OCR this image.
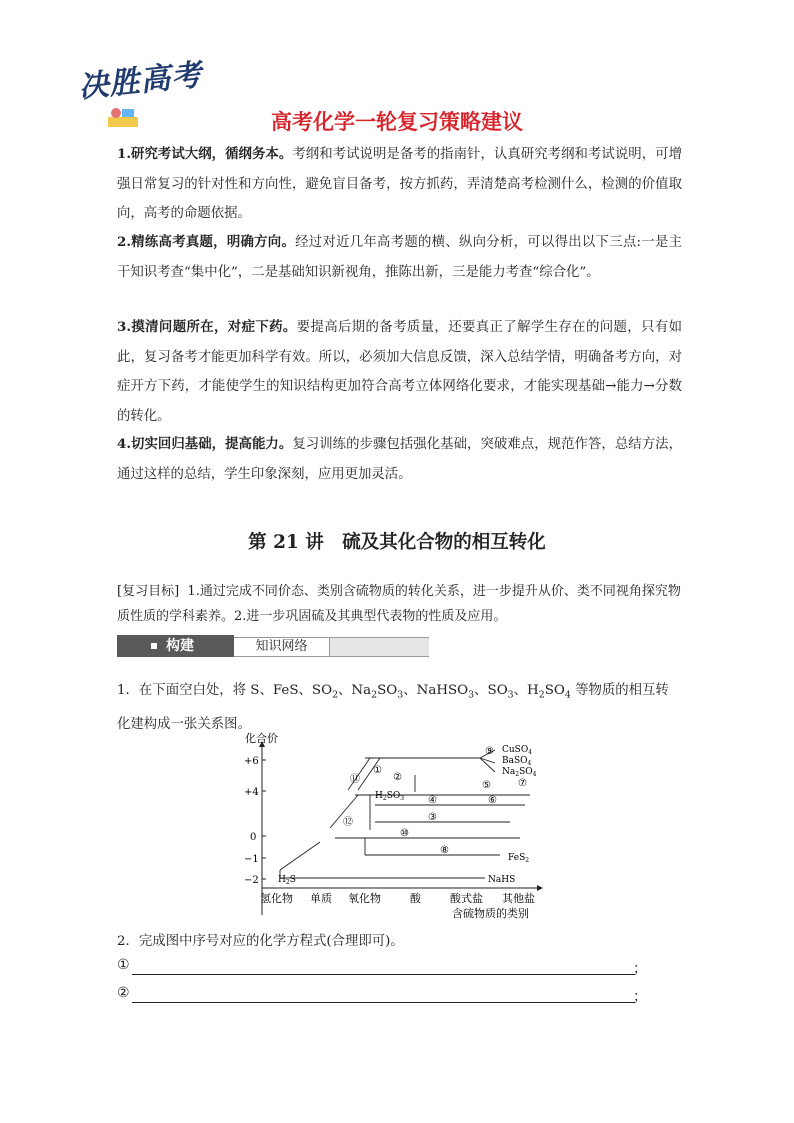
决胜高考
高考化学一轮复习策略建议
1.研究考试大纲，循纲务本。考纲和考试说明是备考的指南针，认真研究考纲和考试说明，可增强日常复习的针对性和方向性，避免盲目备考，按方抓药，弄清楚高考检测什么，检测的价值取向，高考的命题依据。
2.精练高考真题，明确方向。经过对近几年高考题的横、纵向分析，可以得出以下三点:一是主干知识考查“集中化”，二是基础知识新视角，推陈出新，三是能力考查“综合化”。
3.摸清问题所在，对症下药。要提高后期的备考质量，还要真正了解学生存在的问题，只有如此，复习备考才能更加科学有效。所以，必须加大信息反馈，深入总结学情，明确备考方向，对症开方下药，才能使学生的知识结构更加符合高考立体网络化要求，才能实现基础→能力→分数的转化。
4.切实回归基础，提高能力。复习训练的步骤包括强化基础，突破难点，规范作答，总结方法，通过这样的总结，学生印象深刻，应用更加灵活。
第 21 讲　硫及其化合物的相互转化
[复习目标] 1.通过完成不同价态、类别含硫物质的转化关系，进一步提升从价、类不同视角探究物质性质的学科素养。2.进一步巩固硫及其典型代表物的性质及应用。
构建	知识网络
1．在下面空白处，将 S、FeS、$SO_2$、$Na_2SO_3$、NaHSO$_3$、$SO_3$、$H_2SO_4$ 等物质的相互转化建构成一张关系图。
化合价
+6
+4
0
−1
−2
氢化物 单质 氧化物	酸	酸式盐 其他盐
含硫物质的类别
CuSO$_4$
BaSO$_4$
$Na_2SO_4$
$H_2SO_3$
FeS$_2$
$H_2S$	NaHS
①
②
③
④
⑤
⑥
⑦
⑧
⑨
⑩
⑪
⑫
2．完成图中序号对应的化学方程式(合理即可)。
①	；
②	；
